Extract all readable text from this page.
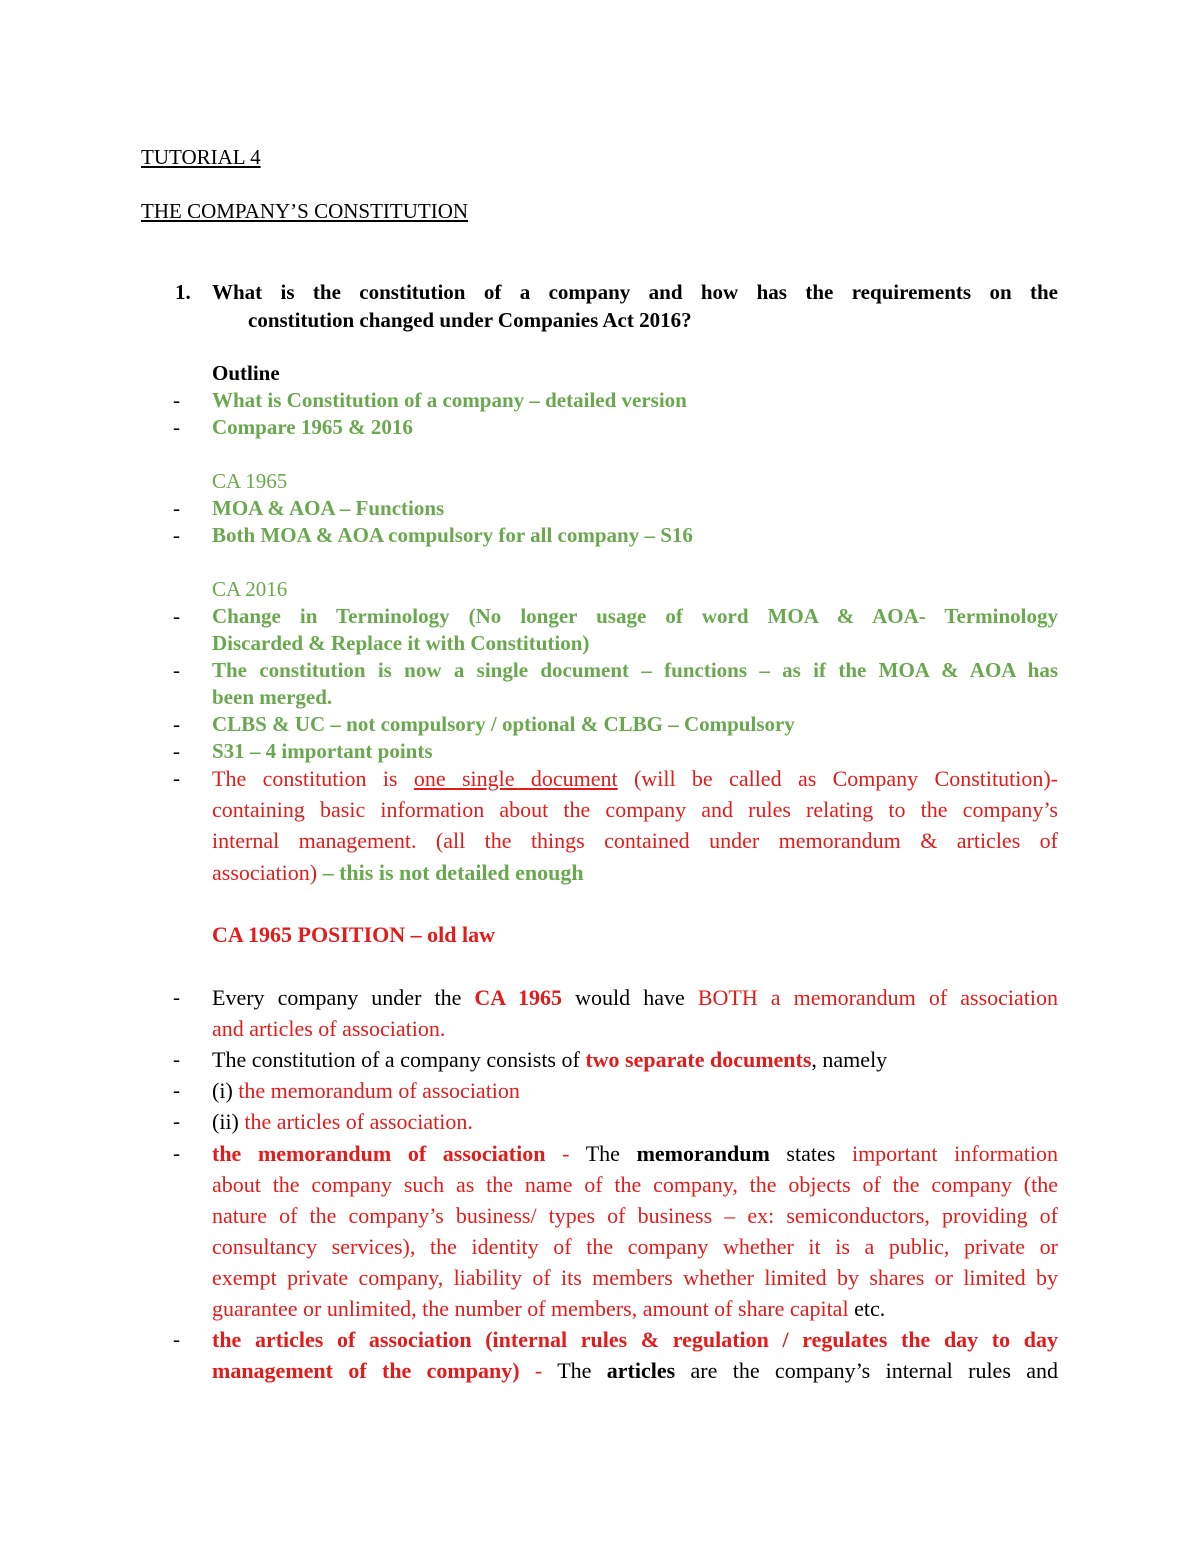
TUTORIAL 4
THE COMPANY’S CONSTITUTION
1. What is the constitution of a company and how has the requirements on the
constitution changed under Companies Act 2016?
Outline
- What is Constitution of a company – detailed version
- Compare 1965 & 2016
CA 1965
- MOA & AOA – Functions
- Both MOA & AOA compulsory for all company – S16
CA 2016
- Change in Terminology (No longer usage of word MOA & AOA- Terminology
Discarded & Replace it with Constitution)
- The constitution is now a single document – functions – as if the MOA & AOA has
been merged.
- CLBS & UC – not compulsory / optional & CLBG – Compulsory
- S31 – 4 important points
- The constitution is one single document (will be called as Company Constitution)-
containing basic information about the company and rules relating to the company’s
internal management. (all the things contained under memorandum & articles of
association) – this is not detailed enough
CA 1965 POSITION – old law
- Every company under the CA 1965 would have BOTH a memorandum of association
and articles of association.
- The constitution of a company consists of two separate documents, namely
- (i) the memorandum of association
- (ii) the articles of association.
- the memorandum of association - The memorandum states important information
about the company such as the name of the company, the objects of the company (the
nature of the company’s business/ types of business – ex: semiconductors, providing of
consultancy services), the identity of the company whether it is a public, private or
exempt private company, liability of its members whether limited by shares or limited by
guarantee or unlimited, the number of members, amount of share capital etc.
- the articles of association (internal rules & regulation / regulates the day to day
management of the company) - The articles are the company’s internal rules and
